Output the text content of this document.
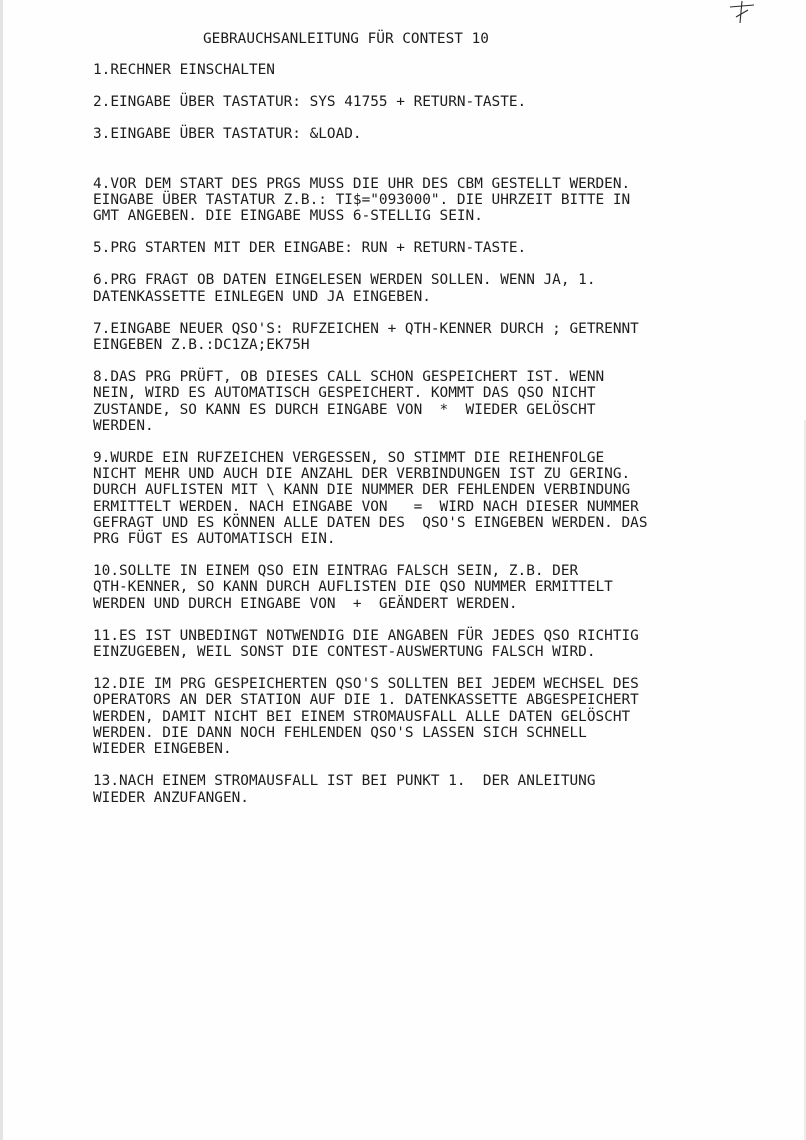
GEBRAUCHSANLEITUNG FÜR CONTEST 10

1.RECHNER EINSCHALTEN

2.EINGABE ÜBER TASTATUR: SYS 41755 + RETURN-TASTE.

3.EINGABE ÜBER TASTATUR: &LOAD.

4.VOR DEM START DES PRGS MUSS DIE UHR DES CBM GESTELLT WERDEN.
EINGABE ÜBER TASTATUR Z.B.: TI$="093000". DIE UHRZEIT BITTE IN
GMT ANGEBEN. DIE EINGABE MUSS 6-STELLIG SEIN.

5.PRG STARTEN MIT DER EINGABE: RUN + RETURN-TASTE.

6.PRG FRAGT OB DATEN EINGELESEN WERDEN SOLLEN. WENN JA, 1.
DATENKASSETTE EINLEGEN UND JA EINGEBEN.

7.EINGABE NEUER QSO'S: RUFZEICHEN + QTH-KENNER DURCH ; GETRENNT
EINGEBEN Z.B.:DC1ZA;EK75H

8.DAS PRG PRÜFT, OB DIESES CALL SCHON GESPEICHERT IST. WENN
NEIN, WIRD ES AUTOMATISCH GESPEICHERT. KOMMT DAS QSO NICHT
ZUSTANDE, SO KANN ES DURCH EINGABE VON  *  WIEDER GELÖSCHT
WERDEN.

9.WURDE EIN RUFZEICHEN VERGESSEN, SO STIMMT DIE REIHENFOLGE
NICHT MEHR UND AUCH DIE ANZAHL DER VERBINDUNGEN IST ZU GERING.
DURCH AUFLISTEN MIT \ KANN DIE NUMMER DER FEHLENDEN VERBINDUNG
ERMITTELT WERDEN. NACH EINGABE VON   =  WIRD NACH DIESER NUMMER
GEFRAGT UND ES KÖNNEN ALLE DATEN DES  QSO'S EINGEBEN WERDEN. DAS
PRG FÜGT ES AUTOMATISCH EIN.

10.SOLLTE IN EINEM QSO EIN EINTRAG FALSCH SEIN, Z.B. DER
QTH-KENNER, SO KANN DURCH AUFLISTEN DIE QSO NUMMER ERMITTELT
WERDEN UND DURCH EINGABE VON  +  GEÄNDERT WERDEN.

11.ES IST UNBEDINGT NOTWENDIG DIE ANGABEN FÜR JEDES QSO RICHTIG
EINZUGEBEN, WEIL SONST DIE CONTEST-AUSWERTUNG FALSCH WIRD.

12.DIE IM PRG GESPEICHERTEN QSO'S SOLLTEN BEI JEDEM WECHSEL DES
OPERATORS AN DER STATION AUF DIE 1. DATENKASSETTE ABGESPEICHERT
WERDEN, DAMIT NICHT BEI EINEM STROMAUSFALL ALLE DATEN GELÖSCHT
WERDEN. DIE DANN NOCH FEHLENDEN QSO'S LASSEN SICH SCHNELL
WIEDER EINGEBEN.

13.NACH EINEM STROMAUSFALL IST BEI PUNKT 1.  DER ANLEITUNG
WIEDER ANZUFANGEN.
